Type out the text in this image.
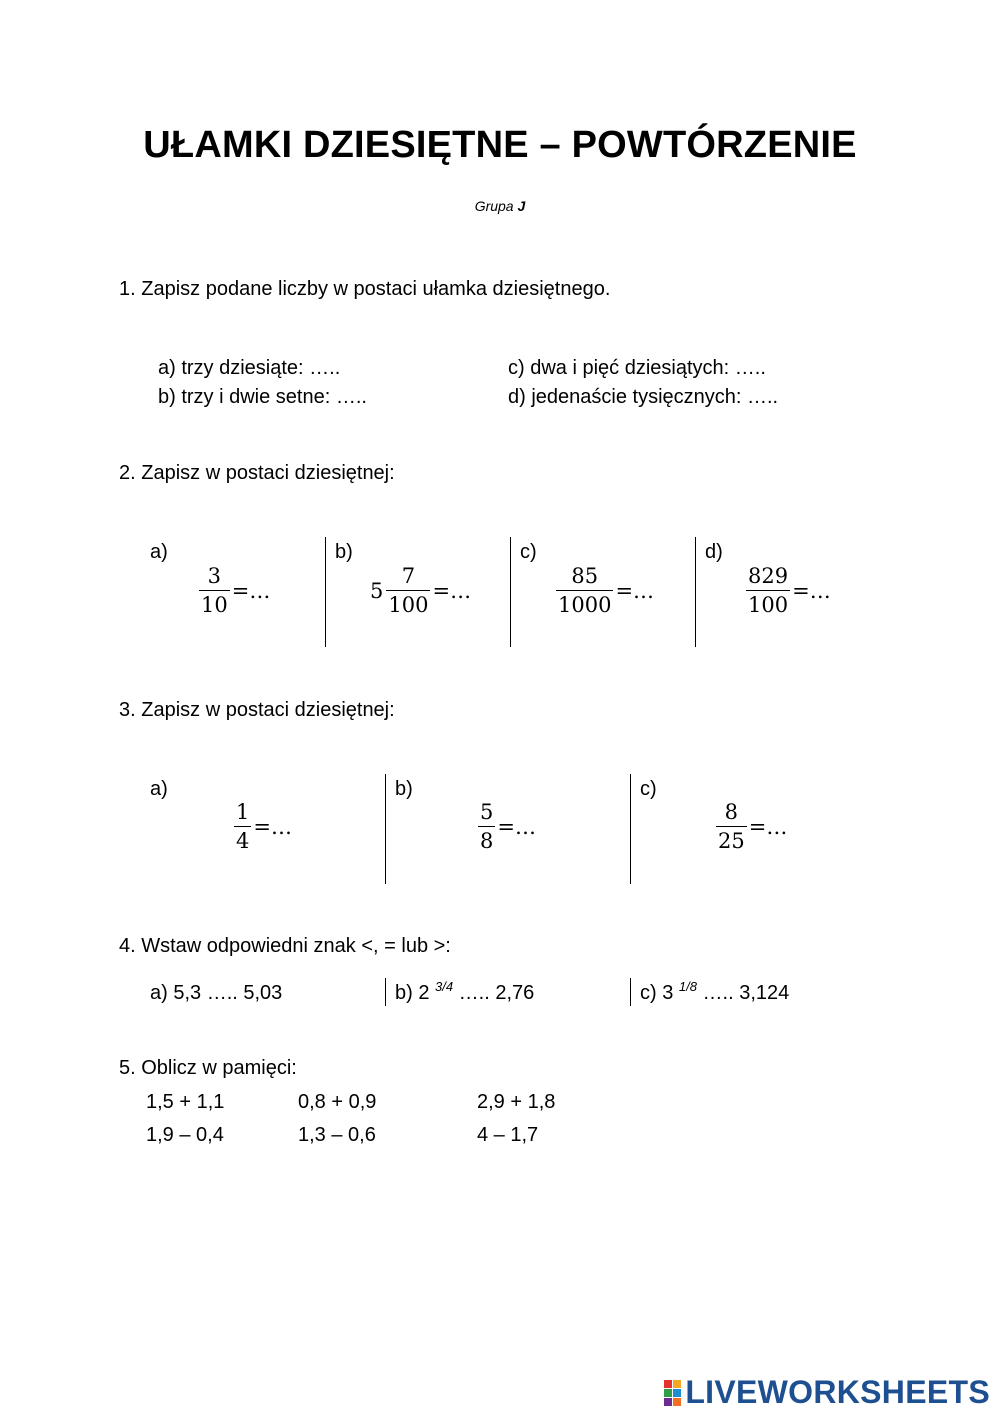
UŁAMKI DZIESIĘTNE – POWTÓRZENIE
Grupa J
1. Zapisz podane liczby w postaci ułamka dziesiętnego.
a) trzy dziesiąte: …..
b) trzy i dwie setne: …..
c) dwa i pięć dziesiątych: …..
d) jedenaście tysięcznych: …..
2. Zapisz w postaci dziesiętnej:
a)
$\frac{3}{10}$ =…
b)
$5 \frac{7}{100}$ =…
c)
$\frac{85}{1000}$ =…
d)
$\frac{829}{100}$ =…
3. Zapisz w postaci dziesiętnej:
a)
$\frac{1}{4}$ =…
b)
$\frac{5}{8}$ =…
c)
$\frac{8}{25}$ =…
4. Wstaw odpowiedni znak <, = lub >:
a) 5,3 ….. 5,03	b) 2 $^{3/4}$ ….. 2,76	c) 3 $^{1/8}$ ….. 3,124
5. Oblicz w pamięci:
1,5 + 1,1	0,8 + 0,9	2,9 + 1,8
1,9 – 0,4	1,3 – 0,6	4 – 1,7
LIVEWORKSHEETS
